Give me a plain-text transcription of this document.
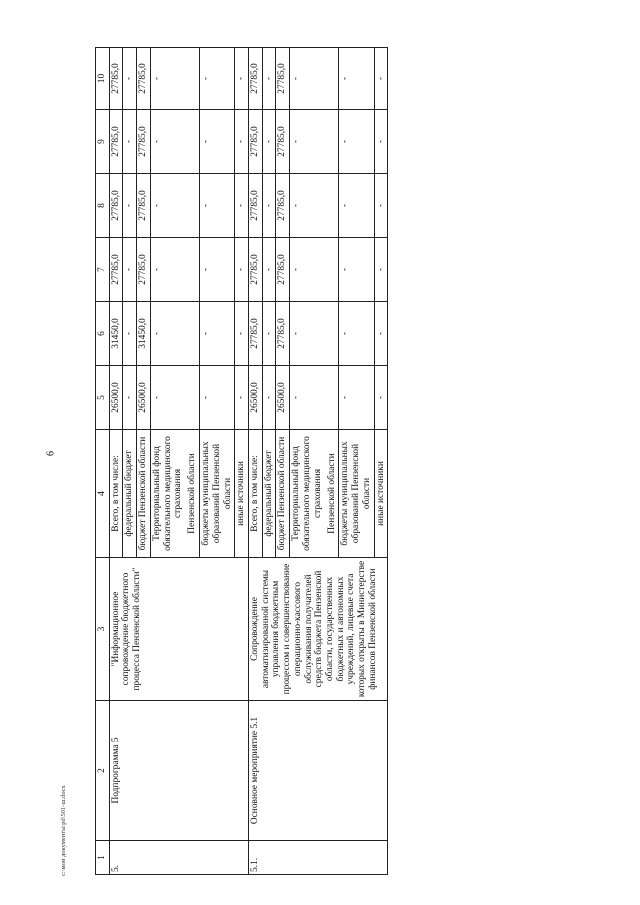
6
1	2	3	4	5	6	7	8	9	10
5.	Подпрограмма 5	"Информационное сопровождение бюджетного процесса Пензенской области"	Всего, в том числе:	26500,0	31450,0	27785,0	27785,0	27785,0	27785,0
			федеральный бюджет	-	-	-	-	-	-
			бюджет Пензенской области	26500,0	31450,0	27785,0	27785,0	27785,0	27785,0
			Территориальный фонд обязательного медицинского страхования	-	-	-	-	-	-
			Пензенской области						
			бюджеты муниципальных образований Пензенской области	-	-	-	-	-	-
			иные источники	-	-	-	-	-	-
5.1.	Основное мероприятие 5.1	Сопровождение автоматизированной системы управления бюджетным процессом и совершенствование операционно-кассового обслуживания получателей средств бюджета Пензенской области, государственных бюджетных и автономных учреждений, лицевые счета которых открыты в Министерстве финансов Пензенской области	Всего, в том числе:	26500,0	27785,0	27785,0	27785,0	27785,0	27785,0
			федеральный бюджет	-	-	-	-	-	-
			бюджет Пензенской области	26500,0	27785,0	27785,0	27785,0	27785,0	27785,0
			Территориальный фонд обязательного медицинского страхования	-	-	-	-	-	-
			Пензенской области						
			бюджеты муниципальных образований Пензенской области	-	-	-	-	-	-
			иные источники	-	-	-	-	-	-
c:\мои документы\pd\501-ш.docx
